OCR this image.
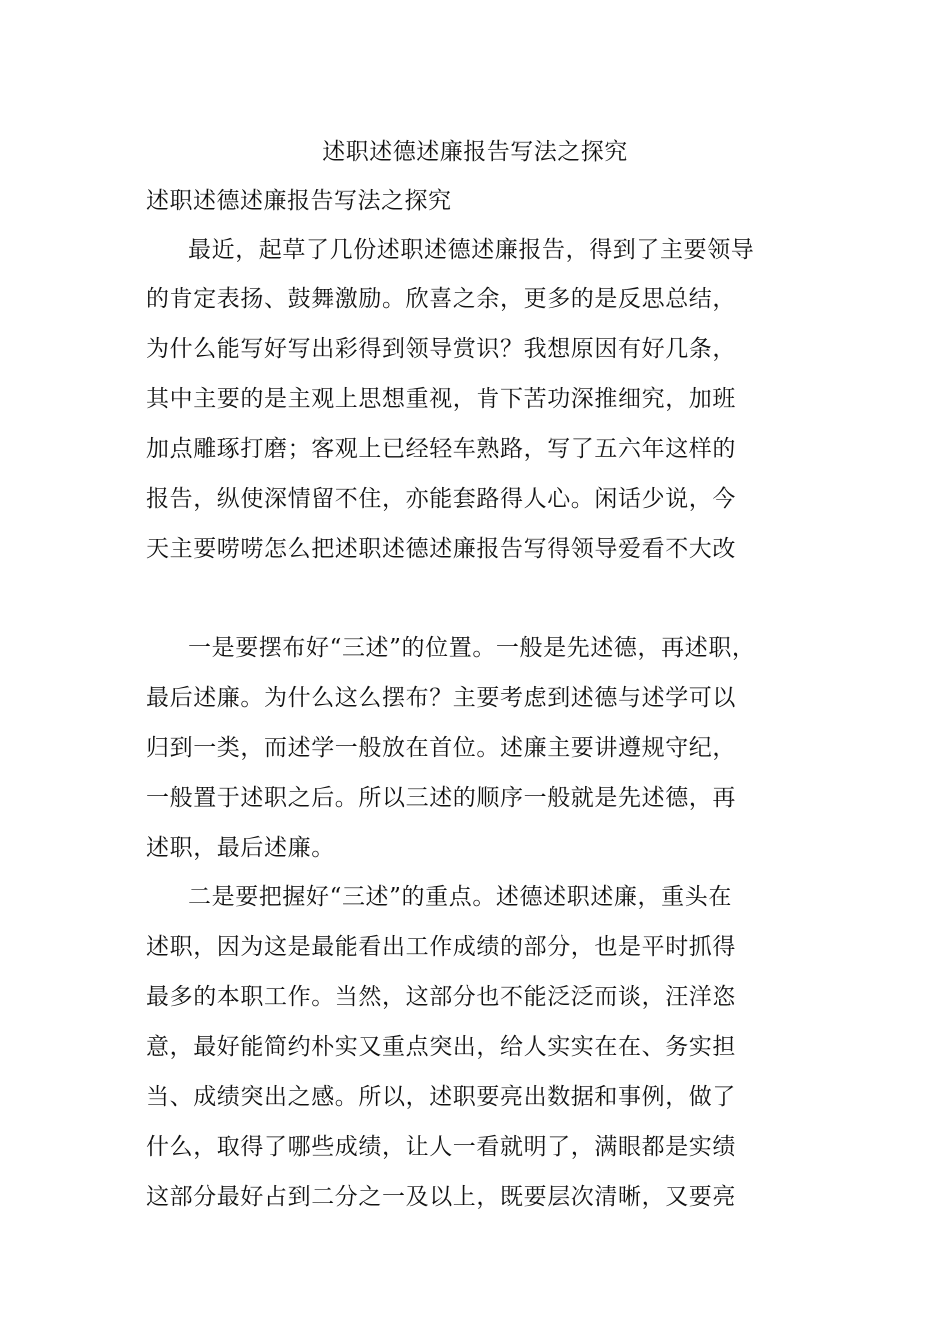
述职述德述廉报告写法之探究

述职述德述廉报告写法之探究

最近，起草了几份述职述德述廉报告，得到了主要领导

的肯定表扬、鼓舞激励。欣喜之余，更多的是反思总结，

为什么能写好写出彩得到领导赏识？我想原因有好几条，

其中主要的是主观上思想重视，肯下苦功深推细究，加班

加点雕琢打磨；客观上已经轻车熟路，写了五六年这样的

报告，纵使深情留不住，亦能套路得人心。闲话少说，今

天主要唠唠怎么把述职述德述廉报告写得领导爱看不大改

一是要摆布好“三述”的位置。一般是先述德，再述职，

最后述廉。为什么这么摆布？主要考虑到述德与述学可以

归到一类，而述学一般放在首位。述廉主要讲遵规守纪，

一般置于述职之后。所以三述的顺序一般就是先述德，再

述职，最后述廉。

二是要把握好“三述”的重点。述德述职述廉，重头在

述职，因为这是最能看出工作成绩的部分，也是平时抓得

最多的本职工作。当然，这部分也不能泛泛而谈，汪洋恣

意，最好能简约朴实又重点突出，给人实实在在、务实担

当、成绩突出之感。所以，述职要亮出数据和事例，做了

什么，取得了哪些成绩，让人一看就明了，满眼都是实绩

这部分最好占到二分之一及以上，既要层次清晰，又要亮
